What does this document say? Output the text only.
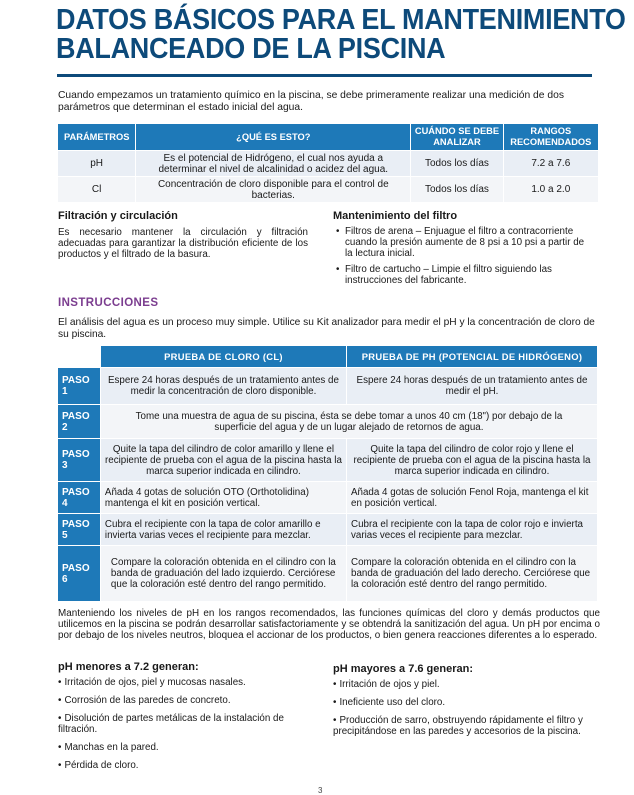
DATOS BÁSICOS PARA EL MANTENIMIENTO
BALANCEADO DE LA PISCINA

Cuando empezamos un tratamiento químico en la piscina, se debe primeramente realizar una medición de dos parámetros que determinan el estado inicial del agua.

PARÁMETROS	¿QUÉ ES ESTO?	CUÁNDO SE DEBE ANALIZAR	RANGOS RECOMENDADOS
pH	Es el potencial de Hidrógeno, el cual nos ayuda a determinar el nivel de alcalinidad o acidez del agua.	Todos los días	7.2 a 7.6
Cl	Concentración de cloro disponible para el control de bacterias.	Todos los días	1.0 a 2.0
Filtración y circulación

Es necesario mantener la circulación y filtración adecuadas para garantizar la distribución eficiente de los productos y el filtrado de la basura.

Mantenimiento del filtro
• Filtros de arena – Enjuague el filtro a contracorriente cuando la presión aumente de 8 psi a 10 psi a partir de la lectura inicial.
• Filtro de cartucho – Limpie el filtro siguiendo las instrucciones del fabricante.
INSTRUCCIONES

El análisis del agua es un proceso muy simple. Utilice su Kit analizador para medir el pH y la concentración de cloro de su piscina.

	PRUEBA DE CLORO (CL)	PRUEBA DE PH (POTENCIAL DE HIDRÓGENO)
PASO 1	Espere 24 horas después de un tratamiento antes de medir la concentración de cloro disponible.	Espere 24 horas después de un tratamiento antes de medir el pH.
PASO 2	Tome una muestra de agua de su piscina, ésta se debe tomar a unos 40 cm (18") por debajo de la superficie del agua y de un lugar alejado de retornos de agua.	
PASO 3	Quite la tapa del cilindro de color amarillo y llene el recipiente de prueba con el agua de la piscina hasta la marca superior indicada en cilindro.	Quite la tapa del cilindro de color rojo y llene el recipiente de prueba con el agua de la piscina hasta la marca superior indicada en cilindro.
PASO 4	Añada 4 gotas de solución OTO (Orthotolidina) mantenga el kit en posición vertical.	Añada 4 gotas de solución Fenol Roja, mantenga el kit en posición vertical.
PASO 5	Cubra el recipiente con la tapa de color amarillo e invierta varias veces el recipiente para mezclar.	Cubra el recipiente con la tapa de color rojo e invierta varias veces el recipiente para mezclar.
PASO 6	Compare la coloración obtenida en el cilindro con la banda de graduación del lado izquierdo. Cerciórese que la coloración esté dentro del rango permitido.	Compare la coloración obtenida en el cilindro con la banda de graduación del lado derecho. Cerciórese que la coloración esté dentro del rango permitido.

Manteniendo los niveles de pH en los rangos recomendados, las funciones químicas del cloro y demás productos que utilicemos en la piscina se podrán desarrollar satisfactoriamente y se obtendrá la sanitización del agua. Un pH por encima o por debajo de los niveles neutros, bloquea el accionar de los productos, o bien genera reacciones diferentes a lo esperado.

pH menores a 7.2 generan:
• Irritación de ojos, piel y mucosas nasales.
• Corrosión de las paredes de concreto.
• Disolución de partes metálicas de la instalación de filtración.
• Manchas en la pared.
• Pérdida de cloro.
pH mayores a 7.6 generan:
• Irritación de ojos y piel.
• Ineficiente uso del cloro.
• Producción de sarro, obstruyendo rápidamente el filtro y precipitándose en las paredes y accesorios de la piscina.
3
